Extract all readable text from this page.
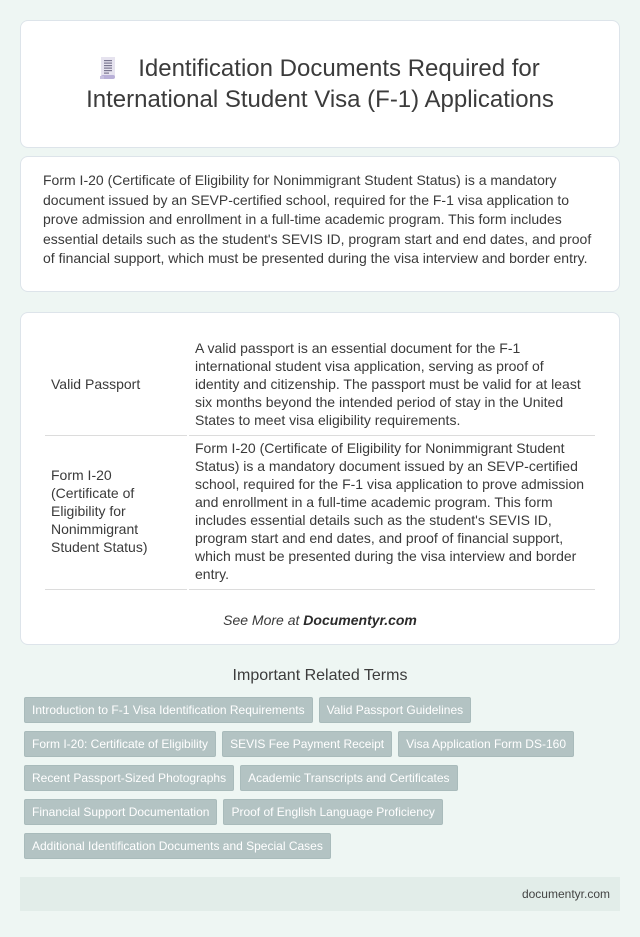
Identification Documents Required for International Student Visa (F-1) Applications

Form I-20 (Certificate of Eligibility for Nonimmigrant Student Status) is a mandatory document issued by an SEVP-certified school, required for the F-1 visa application to prove admission and enrollment in a full-time academic program. This form includes essential details such as the student's SEVIS ID, program start and end dates, and proof of financial support, which must be presented during the visa interview and border entry.

Valid Passport	A valid passport is an essential document for the F-1 international student visa application, serving as proof of identity and citizenship. The passport must be valid for at least six months beyond the intended period of stay in the United States to meet visa eligibility requirements.
Form I-20 (Certificate of Eligibility for Nonimmigrant Student Status)	Form I-20 (Certificate of Eligibility for Nonimmigrant Student Status) is a mandatory document issued by an SEVP-certified school, required for the F-1 visa application to prove admission and enrollment in a full-time academic program. This form includes essential details such as the student's SEVIS ID, program start and end dates, and proof of financial support, which must be presented during the visa interview and border entry.
See More at Documentyr.com
Important Related Terms
Introduction to F-1 Visa Identification Requirements	Valid Passport Guidelines
Form I-20: Certificate of Eligibility	SEVIS Fee Payment Receipt	Visa Application Form DS-160
Recent Passport-Sized Photographs	Academic Transcripts and Certificates
Financial Support Documentation	Proof of English Language Proficiency
Additional Identification Documents and Special Cases
documentyr.com
